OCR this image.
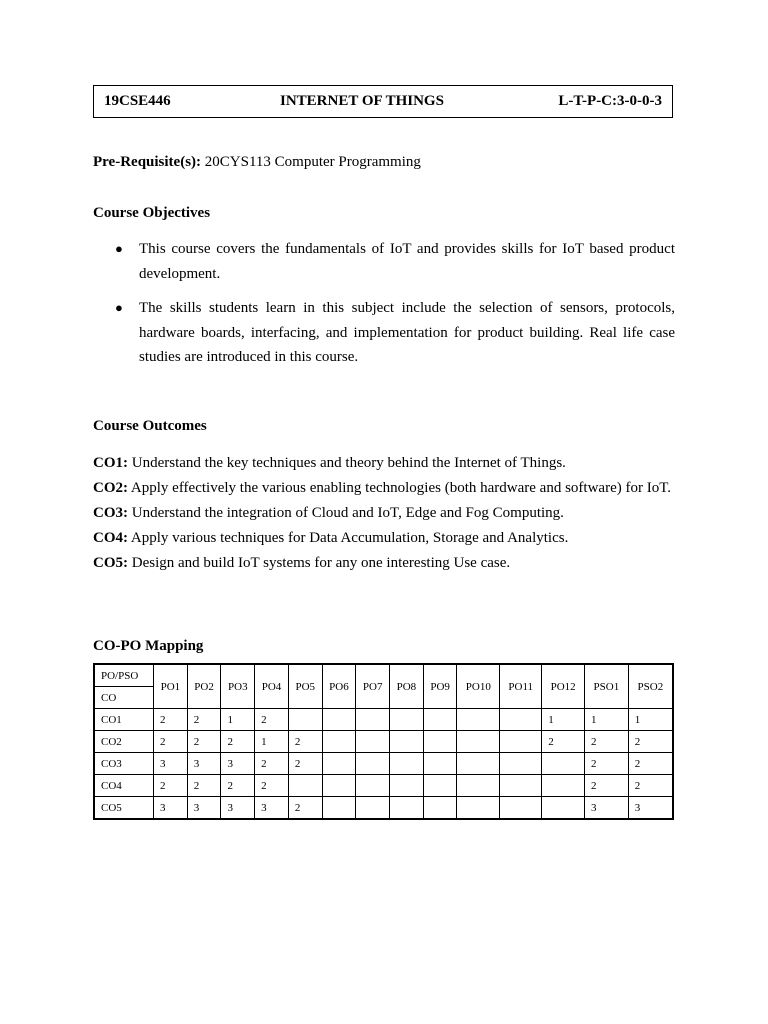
19CSE446	INTERNET OF THINGS	L-T-P-C:3-0-0-3
Pre-Requisite(s): 20CYS113 Computer Programming
Course Objectives
● This course covers the fundamentals of IoT and provides skills for IoT based product development.
● The skills students learn in this subject include the selection of sensors, protocols, hardware boards, interfacing, and implementation for product building. Real life case studies are introduced in this course.
Course Outcomes
CO1: Understand the key techniques and theory behind the Internet of Things.
CO2: Apply effectively the various enabling technologies (both hardware and software) for IoT.
CO3: Understand the integration of Cloud and IoT, Edge and Fog Computing.
CO4: Apply various techniques for Data Accumulation, Storage and Analytics.
CO5: Design and build IoT systems for any one interesting Use case.
CO-PO Mapping
PO/PSO	PO1	PO2	PO3	PO4	PO5	PO6	PO7	PO8	PO9	PO10	PO11	PO12	PSO1	PSO2
CO														
CO1	2	2	1	2								1	1	1
CO2	2	2	2	1	2							2	2	2
CO3	3	3	3	2	2								2	2
CO4	2	2	2	2									2	2
CO5	3	3	3	3	2								3	3
